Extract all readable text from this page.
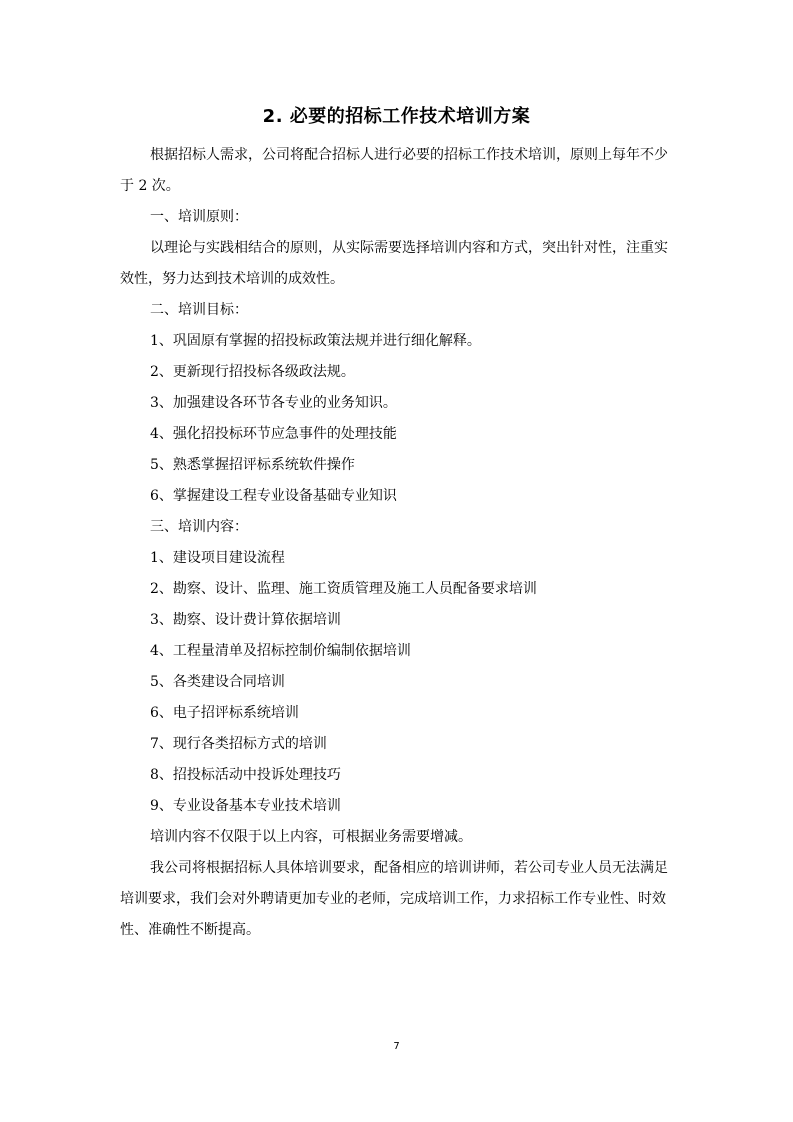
2. 必要的招标工作技术培训方案

根据招标人需求，公司将配合招标人进行必要的招标工作技术培训，原则上每年不少于 2 次。

一、培训原则：

以理论与实践相结合的原则，从实际需要选择培训内容和方式，突出针对性，注重实效性，努力达到技术培训的成效性。

二、培训目标：

1、巩固原有掌握的招投标政策法规并进行细化解释。

2、更新现行招投标各级政法规。

3、加强建设各环节各专业的业务知识。

4、强化招投标环节应急事件的处理技能

5、熟悉掌握招评标系统软件操作

6、掌握建设工程专业设备基础专业知识

三、培训内容：

1、建设项目建设流程

2、勘察、设计、监理、施工资质管理及施工人员配备要求培训

3、勘察、设计费计算依据培训

4、工程量清单及招标控制价编制依据培训

5、各类建设合同培训

6、电子招评标系统培训

7、现行各类招标方式的培训

8、招投标活动中投诉处理技巧

9、专业设备基本专业技术培训

培训内容不仅限于以上内容，可根据业务需要增减。

我公司将根据招标人具体培训要求，配备相应的培训讲师，若公司专业人员无法满足培训要求，我们会对外聘请更加专业的老师，完成培训工作，力求招标工作专业性、时效性、准确性不断提高。

7
